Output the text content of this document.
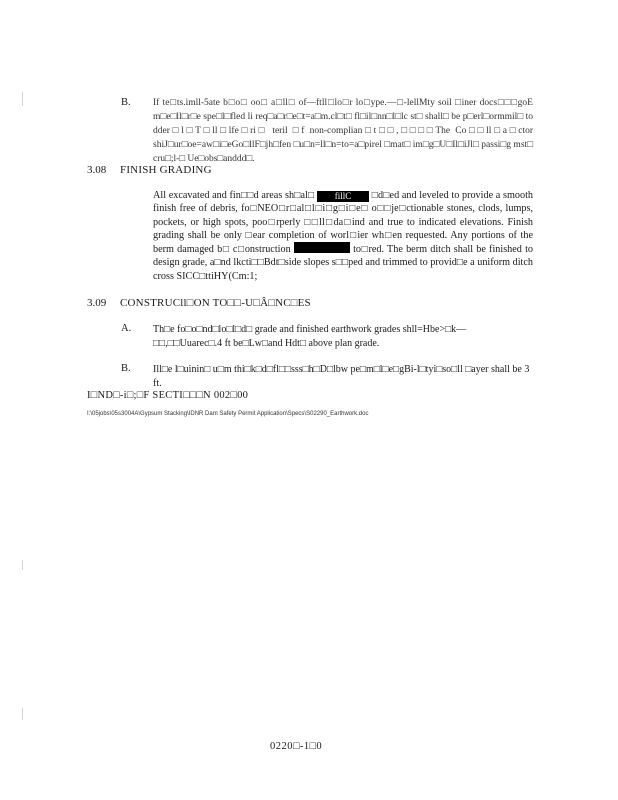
B. If te□ts.imll-5ate b□o□ oo□ a□ll□ of—ftll□lo□r lo□ype.—□-lellMty soil □iner docs□□□goE m□e□ll□r□e spe□l□fled li req□a□r□e□t=a□m.cl□t□ fl□il□nn□l□lc st□ shall□ be p□erl□ormmil□ to dder□l□T□ll□lfe□ri□ teril □f non-complian□t□□,□□□□The Co□□ll□a□ctor shiJ□ur□oe=aw□i□eGo□llF□jh□fen □u□n=ll□n=to=a□pirel □mat□ im□g□U□Il□iJl□ passi□g mst□ cru□;l-□ Ue□obs□anddd□.
3.08 FINISH GRADING
All excavated and fin□□d areas sh□al□ fillC □d□ed and leveled to provide a smooth finish free of debris, fo□NEO□r□al□l□i□g□i□e□ o□□je□ctionable stones, clods, lumps, pockets, or high spots, poo□rperly □□ll□da□ind and true to indicated elevations. Finish grading shall be only □ear completion of worl□ier wh□en requested. Any portions of the berm damaged b□ c□onstruction	to□red. The berm ditch shall be finished to design grade, a□nd lkcti□□Bdt□side slopes s□□ped and trimmed to provid□e a uniform ditch cross SICC□ttiHY(Cm:1;
3.09 CONSTRUCll□ON TO□□-U□Â□NC□ES
A. Th□e fo□o□nd□lo□l□d□ grade and finished earthwork grades shll=Hbe>□k—□□,□□Uuarec□.4 ft be□Lw□and Hdt□ above plan grade.
B. Ill□e l□uinin□ u□m thi□k□d□fl□□sss□h□D□lbw pe□m□l□e□gBi-l□tyi□so□ll □ayer shall be 3 ft.
I□ND□-i□;□F SECTI□□□N 002□00
I:\05jobs\05s3004A\Gypsum Stacking\IDNR Dam Safety Permit Application\Specs\S02290_Earthwork.doc
0220□-1□0
